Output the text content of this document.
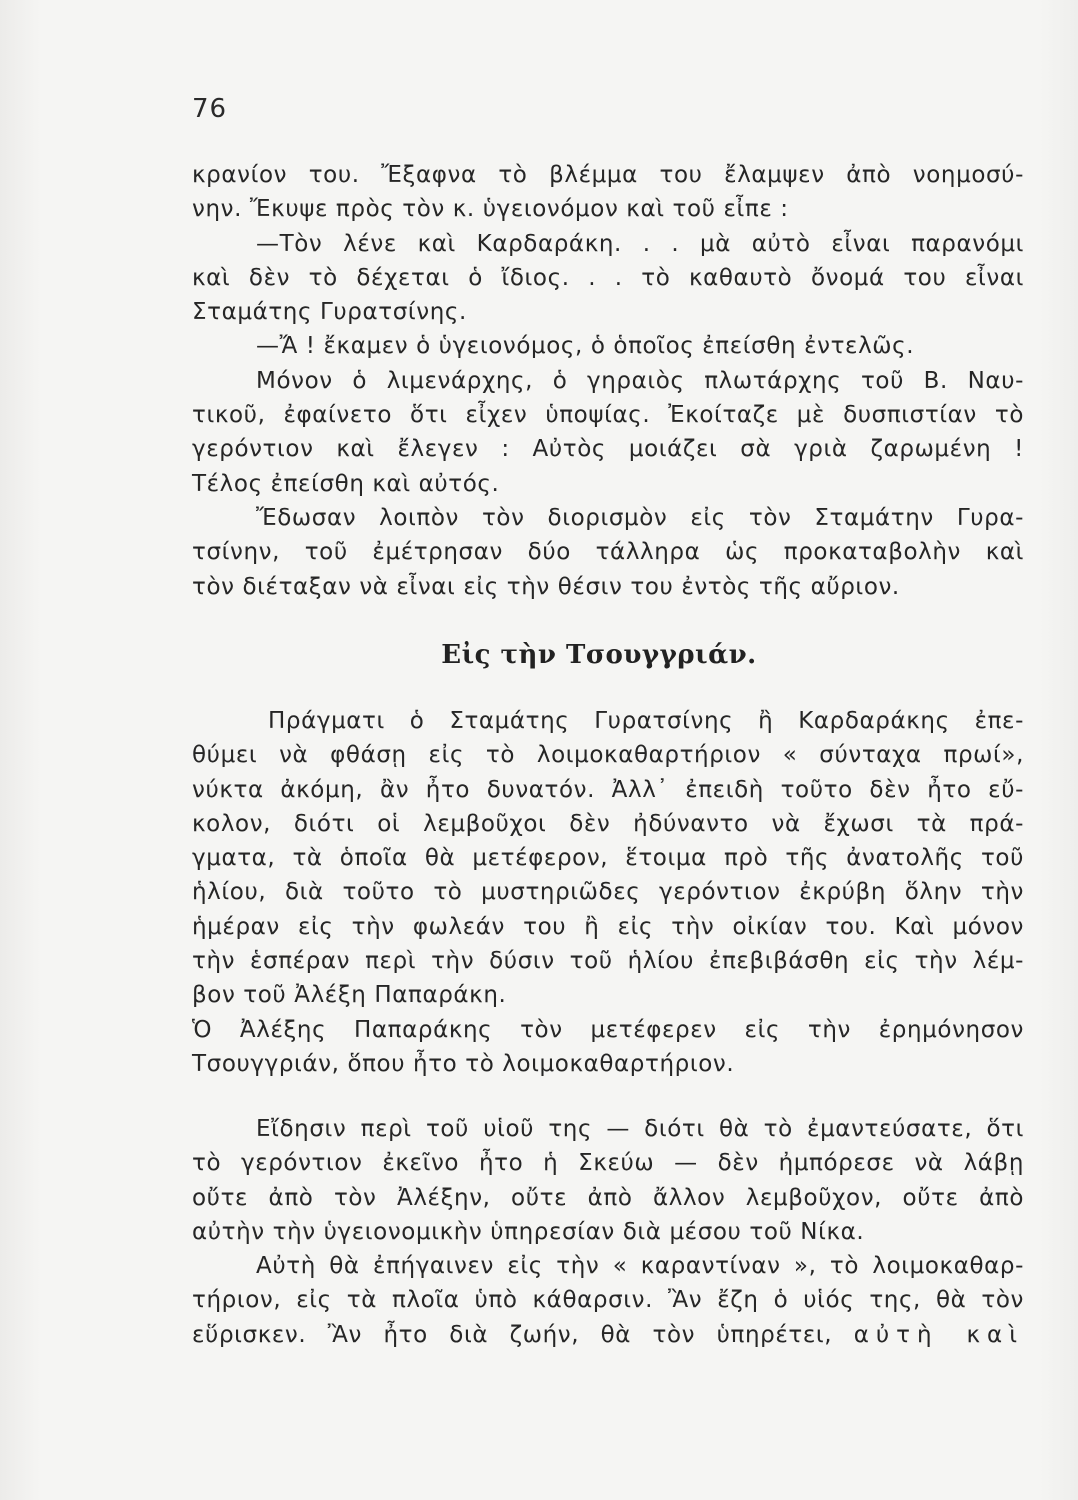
76
κρανίον του. Ἔξαφνα τὸ βλέμμα του ἔλαμψεν ἀπὸ νοημοσύ-
νην. Ἔκυψε πρὸς τὸν κ. ὑγειονόμον καὶ τοῦ εἶπε :
—Τὸν λένε καὶ Καρδαράκη. . . μὰ αὐτὸ εἶναι παρανόμι
καὶ δὲν τὸ δέχεται ὁ ἴδιος. . . τὸ καθαυτὸ ὄνομά του εἶναι
Σταμάτης Γυρατσίνης.
—Ἄ ! ἔκαμεν ὁ ὑγειονόμος, ὁ ὁποῖος ἐπείσθη ἐντελῶς.
Μόνον ὁ λιμενάρχης, ὁ γηραιὸς πλωτάρχης τοῦ Β. Ναυ-
τικοῦ, ἐφαίνετο ὅτι εἶχεν ὑποψίας. Ἐκοίταζε μὲ δυσπιστίαν τὸ
γερόντιον καὶ ἔλεγεν : Αὐτὸς μοιάζει σὰ γριὰ ζαρωμένη !
Τέλος ἐπείσθη καὶ αὐτός.
Ἔδωσαν λοιπὸν τὸν διορισμὸν εἰς τὸν Σταμάτην Γυρα-
τσίνην, τοῦ ἐμέτρησαν δύο τάλληρα ὡς προκαταβολὴν καὶ
τὸν διέταξαν νὰ εἶναι εἰς τὴν θέσιν του ἐντὸς τῆς αὔριον.
Εἰς τὴν Τσουγγριάν.
Πράγματι ὁ Σταμάτης Γυρατσίνης ἢ Καρδαράκης ἐπε-
θύμει νὰ φθάσῃ εἰς τὸ λοιμοκαθαρτήριον « σύνταχα πρωί»,
νύκτα ἀκόμη, ἂν ἦτο δυνατόν. Ἀλλ᾽ ἐπειδὴ τοῦτο δὲν ἦτο εὔ-
κολον, διότι οἱ λεμβοῦχοι δὲν ἠδύναντο νὰ ἔχωσι τὰ πρά-
γματα, τὰ ὁποῖα θὰ μετέφερον, ἕτοιμα πρὸ τῆς ἀνατολῆς τοῦ
ἡλίου, διὰ τοῦτο τὸ μυστηριῶδες γερόντιον ἐκρύβη ὅλην τὴν
ἡμέραν εἰς τὴν φωλεάν του ἢ εἰς τὴν οἰκίαν του. Καὶ μόνον
τὴν ἑσπέραν περὶ τὴν δύσιν τοῦ ἡλίου ἐπεβιβάσθη εἰς τὴν λέμ-
βον τοῦ Ἀλέξη Παπαράκη.
Ὁ Ἀλέξης Παπαράκης τὸν μετέφερεν εἰς τὴν ἐρημόνησον
Τσουγγριάν, ὅπου ἦτο τὸ λοιμοκαθαρτήριον.
Εἴδησιν περὶ τοῦ υἱοῦ της — διότι θὰ τὸ ἐμαντεύσατε, ὅτι
τὸ γερόντιον ἐκεῖνο ἦτο ἡ Σκεύω — δὲν ἠμπόρεσε νὰ λάβῃ
οὔτε ἀπὸ τὸν Ἀλέξην, οὔτε ἀπὸ ἄλλον λεμβοῦχον, οὔτε ἀπὸ
αὐτὴν τὴν ὑγειονομικὴν ὑπηρεσίαν διὰ μέσου τοῦ Νίκα.
Αὐτὴ θὰ ἐπήγαινεν εἰς τὴν « καραντίναν », τὸ λοιμοκαθαρ-
τήριον, εἰς τὰ πλοῖα ὑπὸ κάθαρσιν. Ἂν ἔζη ὁ υἱός της, θὰ τὸν
εὕρισκεν. Ἂν ἦτο διὰ ζωήν, θὰ τὸν ὑπηρέτει, αὐτὴ καὶ
